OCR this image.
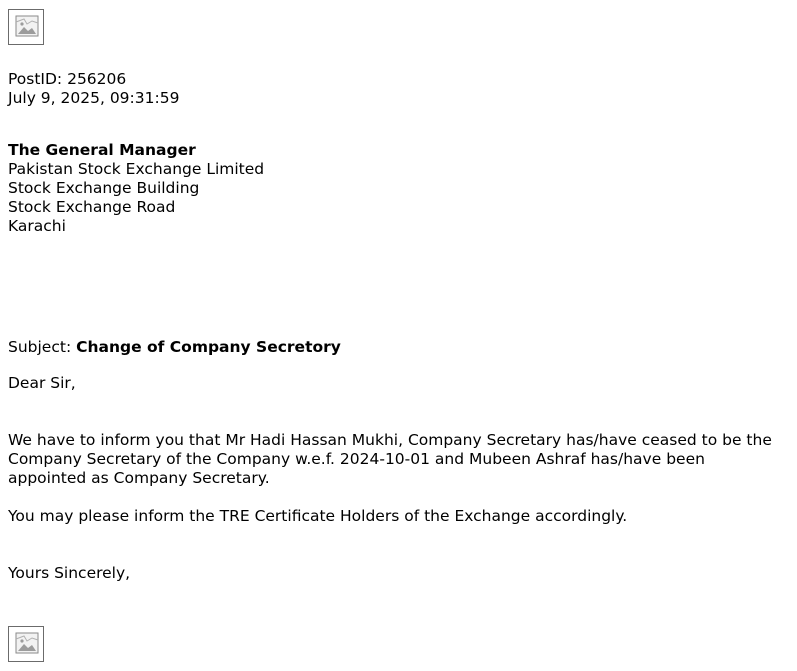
PostID: 256206
July 9, 2025, 09:31:59
The General Manager
Pakistan Stock Exchange Limited
Stock Exchange Building
Stock Exchange Road
Karachi
Subject: Change of Company Secretory
Dear Sir,
We have to inform you that Mr Hadi Hassan Mukhi, Company Secretary has/have ceased to be the Company Secretary of the Company w.e.f. 2024-10-01 and Mubeen Ashraf has/have been appointed as Company Secretary.
You may please inform the TRE Certificate Holders of the Exchange accordingly.
Yours Sincerely,
